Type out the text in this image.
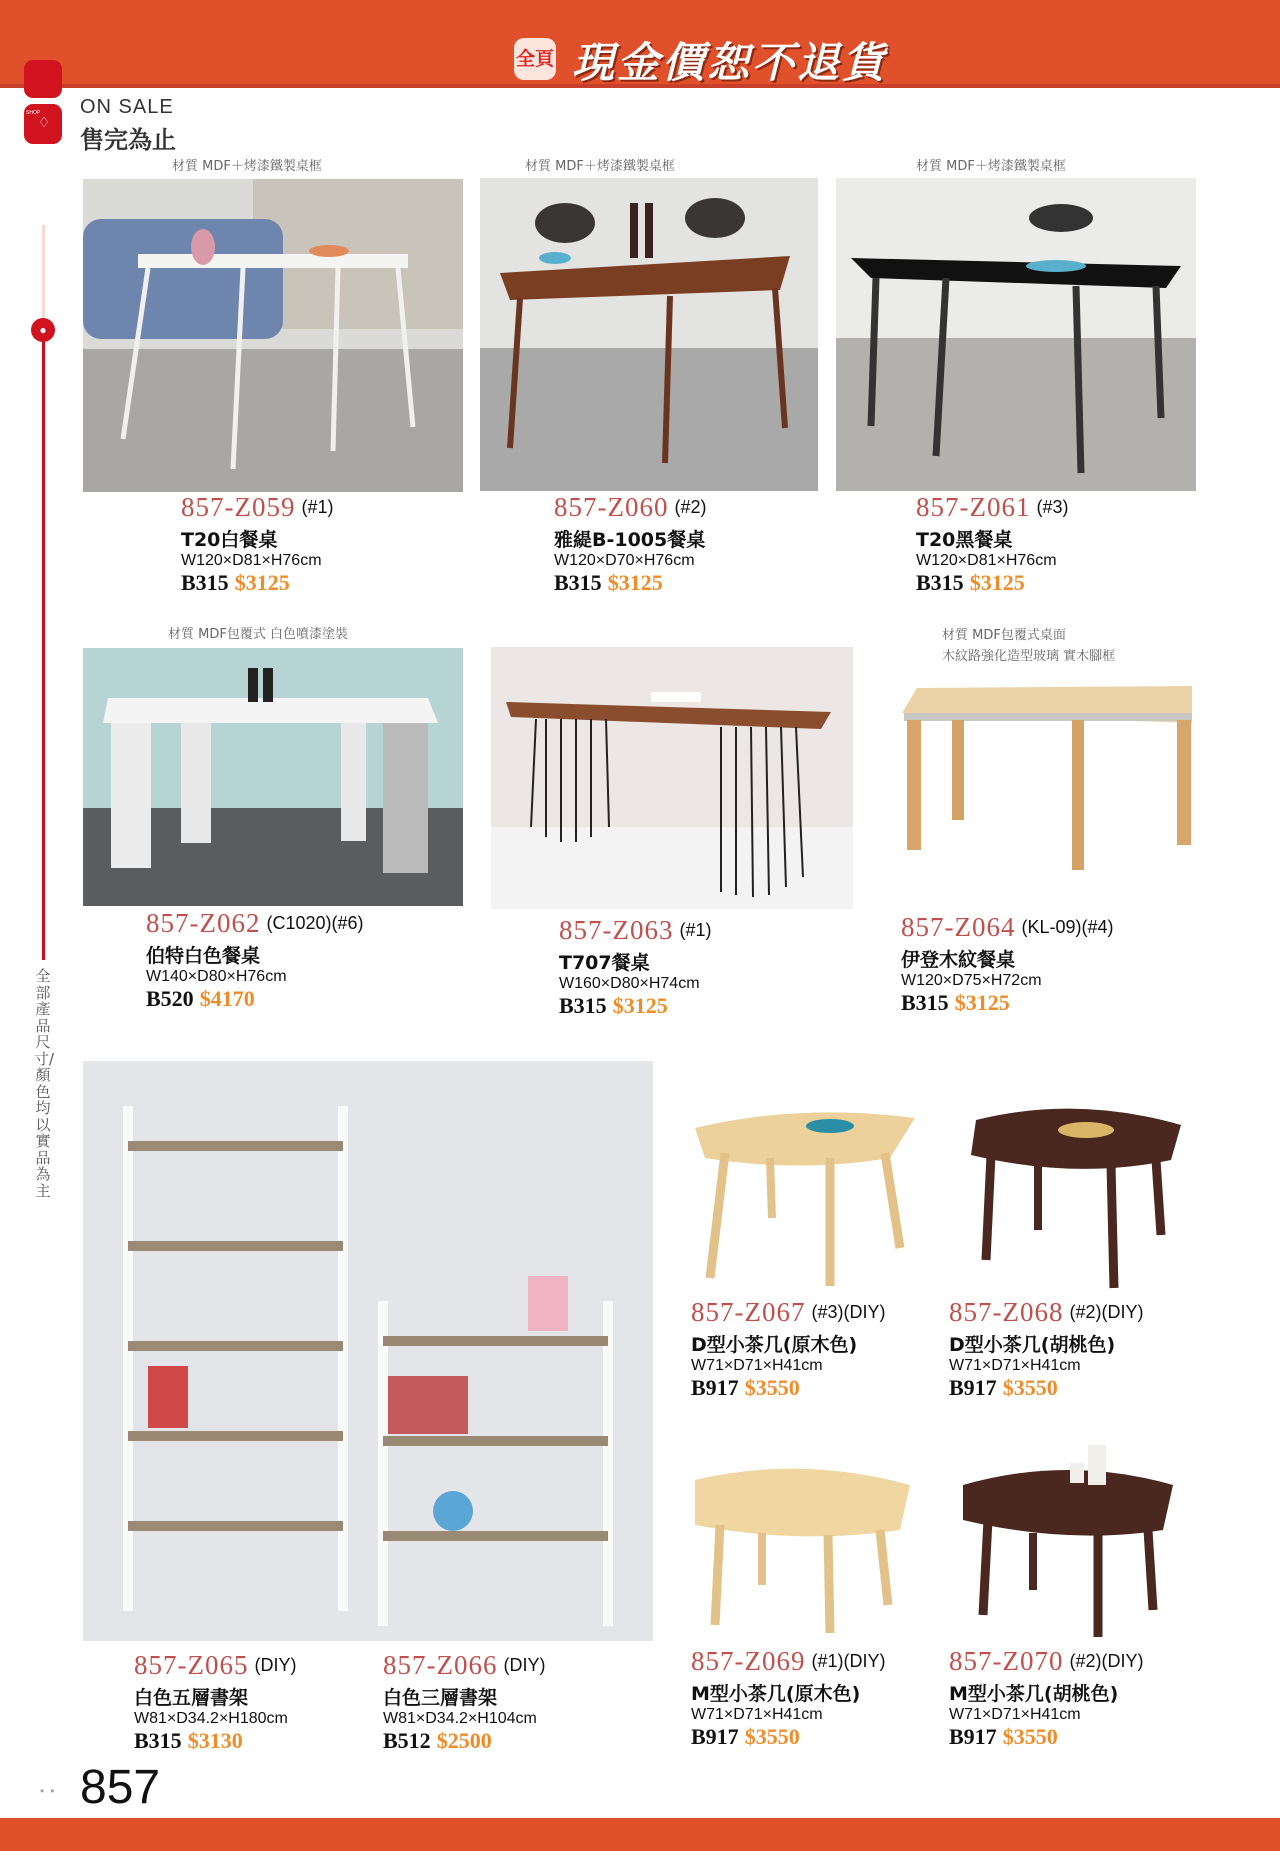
全頁 現金價恕不退貨
SHOP
♢
ON SALE
售完為止
●
全部產品尺寸/顏色均以實品為主
材質 MDF＋烤漆鐵製桌框	材質 MDF＋烤漆鐵製桌框	材質 MDF＋烤漆鐵製桌框
材質 MDF包覆式 白色噴漆塗裝	材質 MDF包覆式桌面
木紋路強化造型玻璃 實木腳框
857-Z059 (#1)
T20白餐桌
W120×D81×H76cm
B315 $3125
857-Z060 (#2)
雅緹B-1005餐桌
W120×D70×H76cm
B315 $3125
857-Z061 (#3)
T20黑餐桌
W120×D81×H76cm
B315 $3125
857-Z062 (C1020)(#6)
伯特白色餐桌
W140×D80×H76cm
B520 $4170
857-Z063 (#1)
T707餐桌
W160×D80×H74cm
B315 $3125
857-Z064 (KL-09)(#4)
伊登木紋餐桌
W120×D75×H72cm
B315 $3125
857-Z065 (DIY)
白色五層書架
W81×D34.2×H180cm
B315 $3130
857-Z066 (DIY)
白色三層書架
W81×D34.2×H104cm
B512 $2500
857-Z067 (#3)(DIY)
D型小茶几(原木色)
W71×D71×H41cm
B917 $3550
857-Z068 (#2)(DIY)
D型小茶几(胡桃色)
W71×D71×H41cm
B917 $3550
857-Z069 (#1)(DIY)
M型小茶几(原木色)
W71×D71×H41cm
B917 $3550
857-Z070 (#2)(DIY)
M型小茶几(胡桃色)
W71×D71×H41cm
B917 $3550
•• 857
